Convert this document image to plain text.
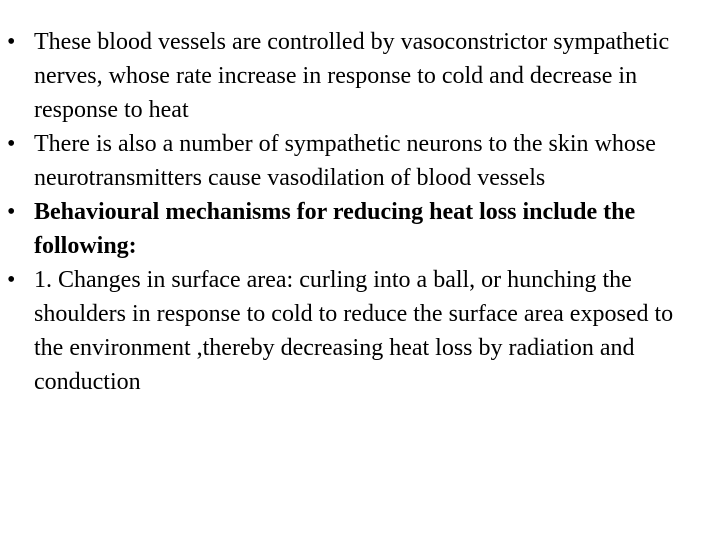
• These blood vessels are controlled by vasoconstrictor sympathetic nerves, whose rate increase in response to cold and decrease in response to heat
• There is also a number of sympathetic neurons to the skin whose neurotransmitters cause vasodilation of blood vessels
• Behavioural mechanisms for reducing heat loss include the following:
• 1. Changes in surface area: curling into a ball, or hunching the shoulders in response to cold to reduce the surface area exposed to the environment ,thereby decreasing heat loss by radiation and conduction
